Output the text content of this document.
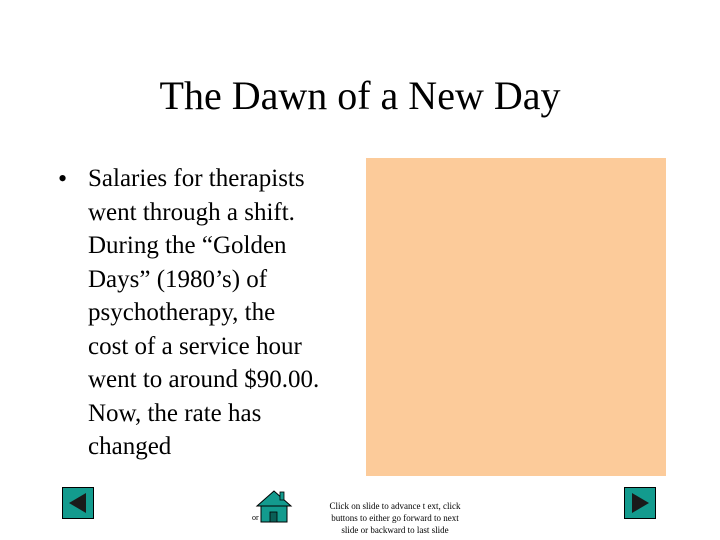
The Dawn of a New Day
• Salaries for therapists
went through a shift.
During the “Golden
Days” (1980’s) of
psychotherapy, the
cost of a service hour
went to around $90.00.
Now, the rate has
changed
or
Click on slide to advance t ext, click
buttons to either go forward to next
slide or backward to last slide
